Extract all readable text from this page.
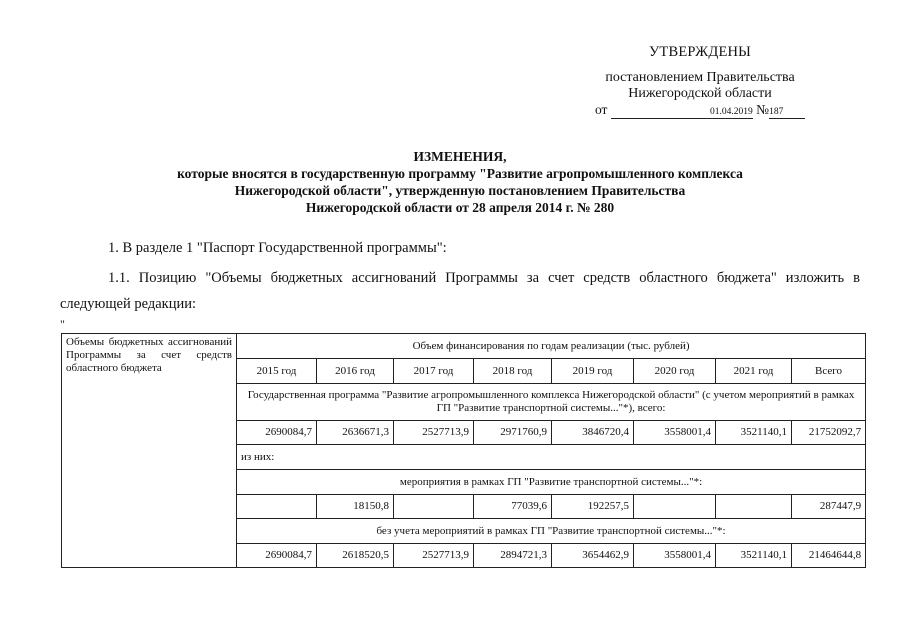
УТВЕРЖДЕНЫ
постановлением Правительства
Нижегородской области
от	01.04.2019 №187
ИЗМЕНЕНИЯ,
которые вносятся в государственную программу "Развитие агропромышленного комплекса
Нижегородской области", утвержденную постановлением Правительства
Нижегородской области от 28 апреля 2014 г. № 280
1. В разделе 1 "Паспорт Государственной программы":
1.1. Позицию "Объемы бюджетных ассигнований Программы за счет средств областного бюджета" изложить в следующей редакции:
"
Объемы бюджетных ассигнований Программы за счет средств областного бюджета	Объем финансирования по годам реализации (тыс. рублей)							
	2015 год	2016 год	2017 год	2018 год	2019 год	2020 год	2021 год	Всего
	Государственная программа "Развитие агропромышленного комплекса Нижегородской области" (с учетом мероприятий в рамках ГП "Развитие транспортной системы..."*), всего:							
	2690084,7	2636671,3	2527713,9	2971760,9	3846720,4	3558001,4	3521140,1	21752092,7
	из них:							
	мероприятия в рамках ГП "Развитие транспортной системы..."*:							
		18150,8		77039,6	192257,5			287447,9
	без учета мероприятий в рамках ГП "Развитие транспортной системы..."*:							
	2690084,7	2618520,5	2527713,9	2894721,3	3654462,9	3558001,4	3521140,1	21464644,8
